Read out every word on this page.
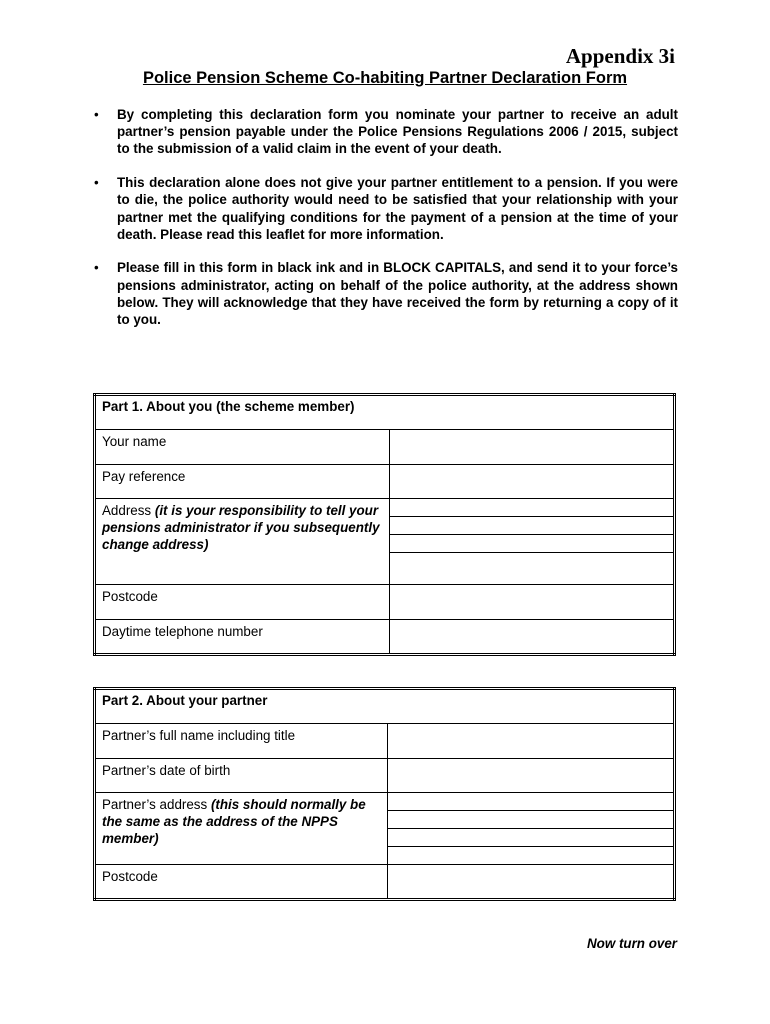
Appendix 3i
Police Pension Scheme Co-habiting Partner Declaration Form
• By completing this declaration form you nominate your partner to receive an adult partner’s pension payable under the Police Pensions Regulations 2006 / 2015, subject to the submission of a valid claim in the event of your death.
• This declaration alone does not give your partner entitlement to a pension. If you were to die, the police authority would need to be satisfied that your relationship with your partner met the qualifying conditions for the payment of a pension at the time of your death. Please read this leaflet for more information.
• Please fill in this form in black ink and in BLOCK CAPITALS, and send it to your force’s pensions administrator, acting on behalf of the police authority, at the address shown below. They will acknowledge that they have received the form by returning a copy of it to you.
Part 1. About you (the scheme member)	
Your name	
Pay reference	
Address (it is your responsibility to tell your pensions administrator if you subsequently change address)	

Postcode	
Daytime telephone number	
Part 2. About your partner	
Partner’s full name including title	
Partner’s date of birth	
Partner’s address (this should normally be the same as the address of the NPPS member)	

Postcode	
Now turn over
